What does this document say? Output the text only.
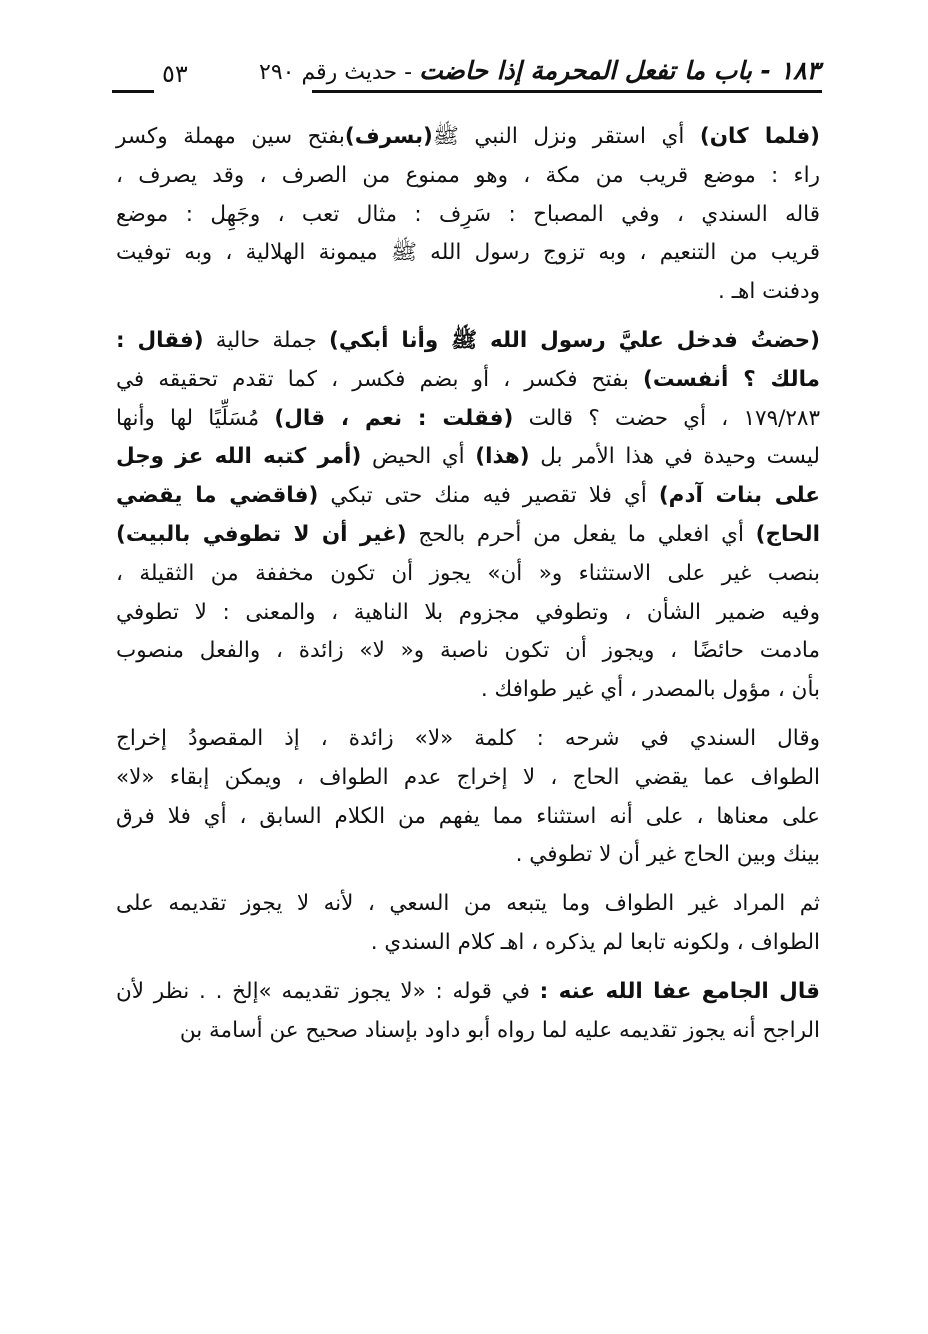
١٨٣ - باب ما تفعل المحرمة إذا حاضت - حديث رقم ٢٩٠
٥٣
(فلما كان) أي استقر ونزل النبي ﷺ(بسرف)بفتح سين مهملة وكسر
راء : موضع قريب من مكة ، وهو ممنوع من الصرف ، وقد يصرف ،
قاله السندي ، وفي المصباح : سَرِف : مثال تعب ، وجَهِل : موضع
قريب من التنعيم ، وبه تزوج رسول الله ﷺ ميمونة الهلالية ، وبه توفيت
ودفنت اهـ .
(حضتُ فدخل عليَّ رسول الله ﷺ وأنا أبكي) جملة حالية (فقال :
مالك ؟ أنفست) بفتح فكسر ، أو بضم فكسر ، كما تقدم تحقيقه في
١٧٩/٢٨٣ ، أي حضت ؟ قالت (فقلت : نعم ، قال) مُسَلِّيًا لها وأنها
ليست وحيدة في هذا الأمر بل (هذا) أي الحيض (أمر كتبه الله عز وجل
على بنات آدم) أي فلا تقصير فيه منك حتى تبكي (فاقضي ما يقضي
الحاج) أي افعلي ما يفعل من أحرم بالحج (غير أن لا تطوفي بالبيت)
بنصب غير على الاستثناء و« أن» يجوز أن تكون مخففة من الثقيلة ،
وفيه ضمير الشأن ، وتطوفي مجزوم بلا الناهية ، والمعنى : لا تطوفي
مادمت حائضًا ، ويجوز أن تكون ناصبة و« لا» زائدة ، والفعل منصوب
بأن ، مؤول بالمصدر ، أي غير طوافك .
وقال السندي في شرحه : كلمة «لا» زائدة ، إذ المقصودُ إخراج
الطواف عما يقضي الحاج ، لا إخراج عدم الطواف ، ويمكن إبقاء «لا»
على معناها ، على أنه استثناء مما يفهم من الكلام السابق ، أي فلا فرق
بينك وبين الحاج غير أن لا تطوفي .
ثم المراد غير الطواف وما يتبعه من السعي ، لأنه لا يجوز تقديمه على
الطواف ، ولكونه تابعا لم يذكره ، اهـ كلام السندي .
قال الجامع عفا الله عنه : في قوله : «لا يجوز تقديمه »إلخ . . نظر لأن
الراجح أنه يجوز تقديمه عليه لما رواه أبو داود بإسناد صحيح عن أسامة بن
